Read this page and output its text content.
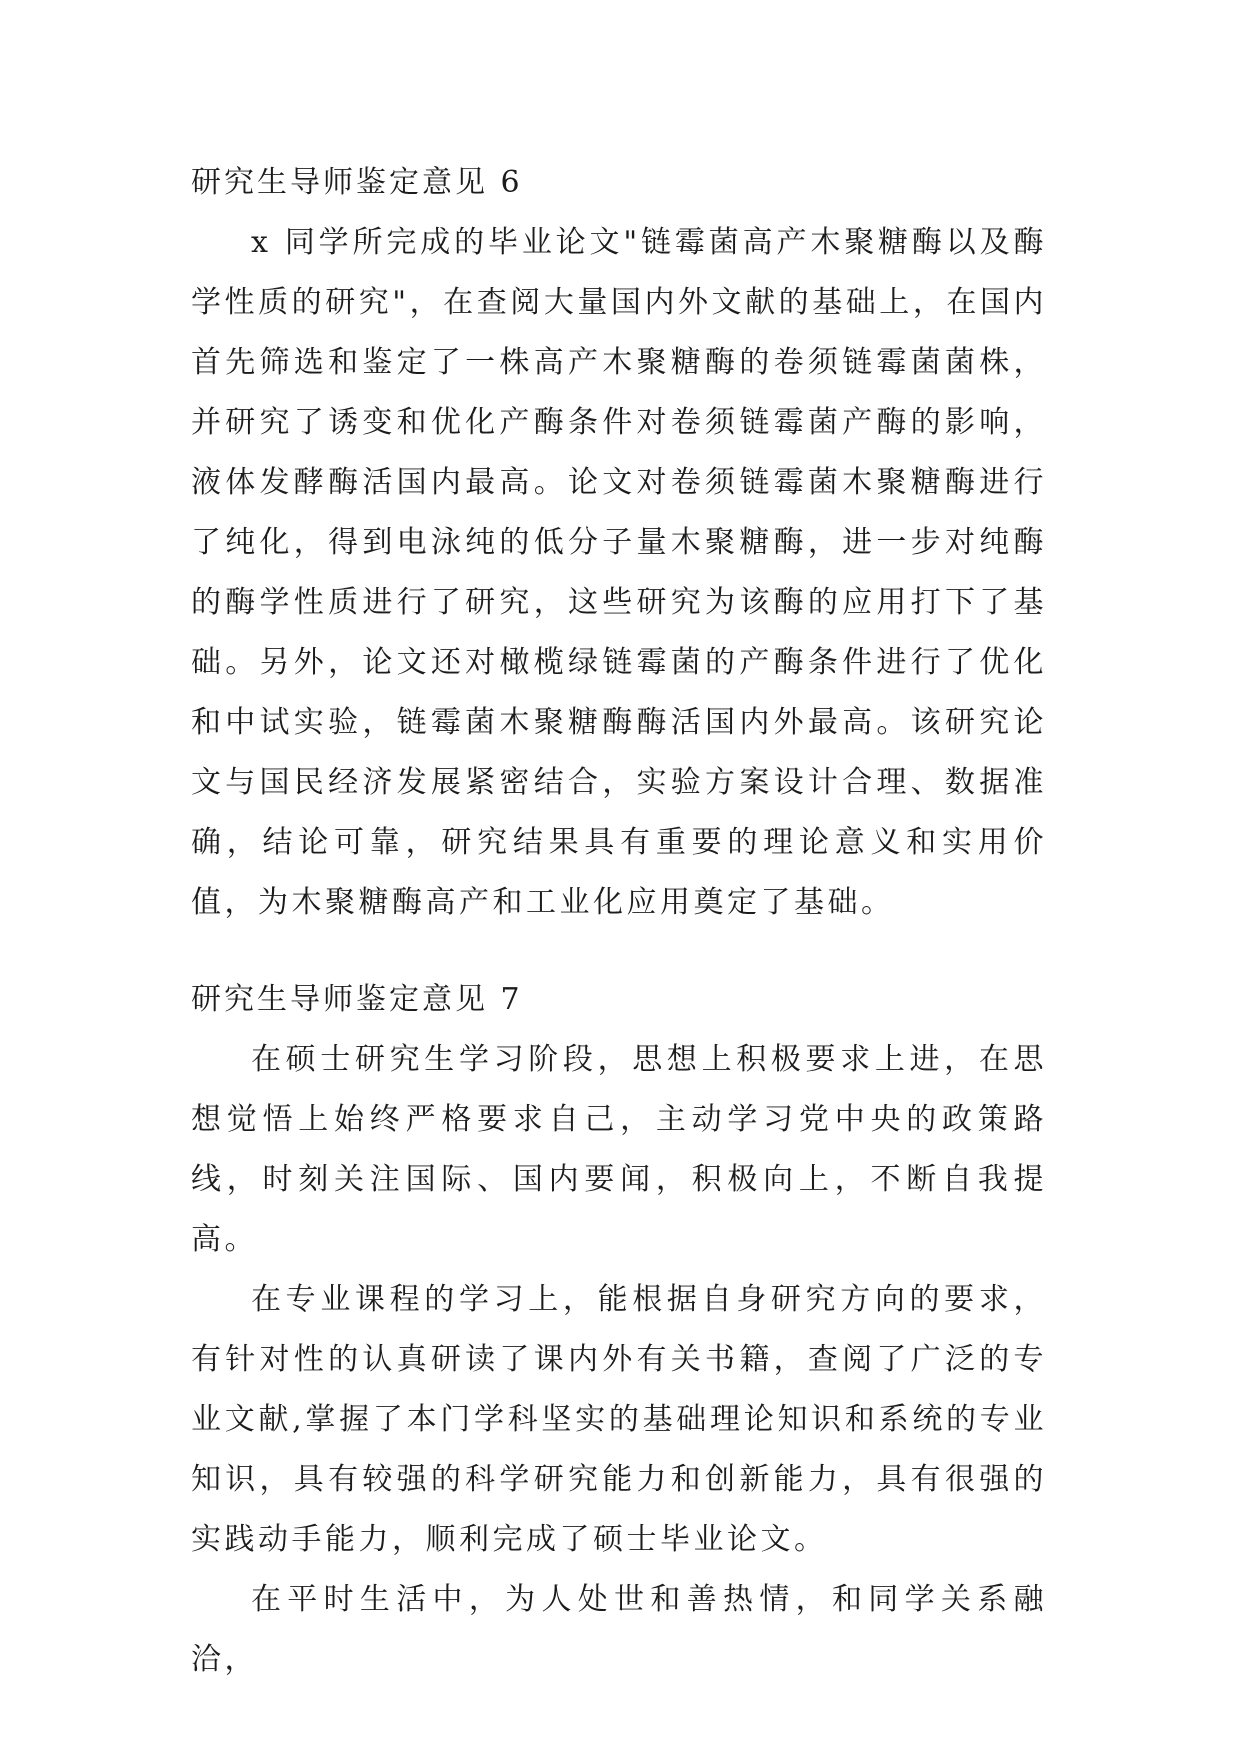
研究生导师鉴定意见 6

x 同学所完成的毕业论文"链霉菌高产木聚糖酶以及酶学性质的研究"，在查阅大量国内外文献的基础上，在国内首先筛选和鉴定了一株高产木聚糖酶的卷须链霉菌菌株，并研究了诱变和优化产酶条件对卷须链霉菌产酶的影响，液体发酵酶活国内最高。论文对卷须链霉菌木聚糖酶进行了纯化，得到电泳纯的低分子量木聚糖酶，进一步对纯酶的酶学性质进行了研究，这些研究为该酶的应用打下了基础。另外，论文还对橄榄绿链霉菌的产酶条件进行了优化和中试实验，链霉菌木聚糖酶酶活国内外最高。该研究论文与国民经济发展紧密结合，实验方案设计合理、数据准确，结论可靠，研究结果具有重要的理论意义和实用价值，为木聚糖酶高产和工业化应用奠定了基础。

研究生导师鉴定意见 7

在硕士研究生学习阶段，思想上积极要求上进，在思想觉悟上始终严格要求自己，主动学习党中央的政策路线，时刻关注国际、国内要闻，积极向上，不断自我提高。

在专业课程的学习上，能根据自身研究方向的要求，有针对性的认真研读了课内外有关书籍，查阅了广泛的专业文献,掌握了本门学科坚实的基础理论知识和系统的专业知识，具有较强的科学研究能力和创新能力，具有很强的实践动手能力，顺利完成了硕士毕业论文。

在平时生活中，为人处世和善热情，和同学关系融洽，
